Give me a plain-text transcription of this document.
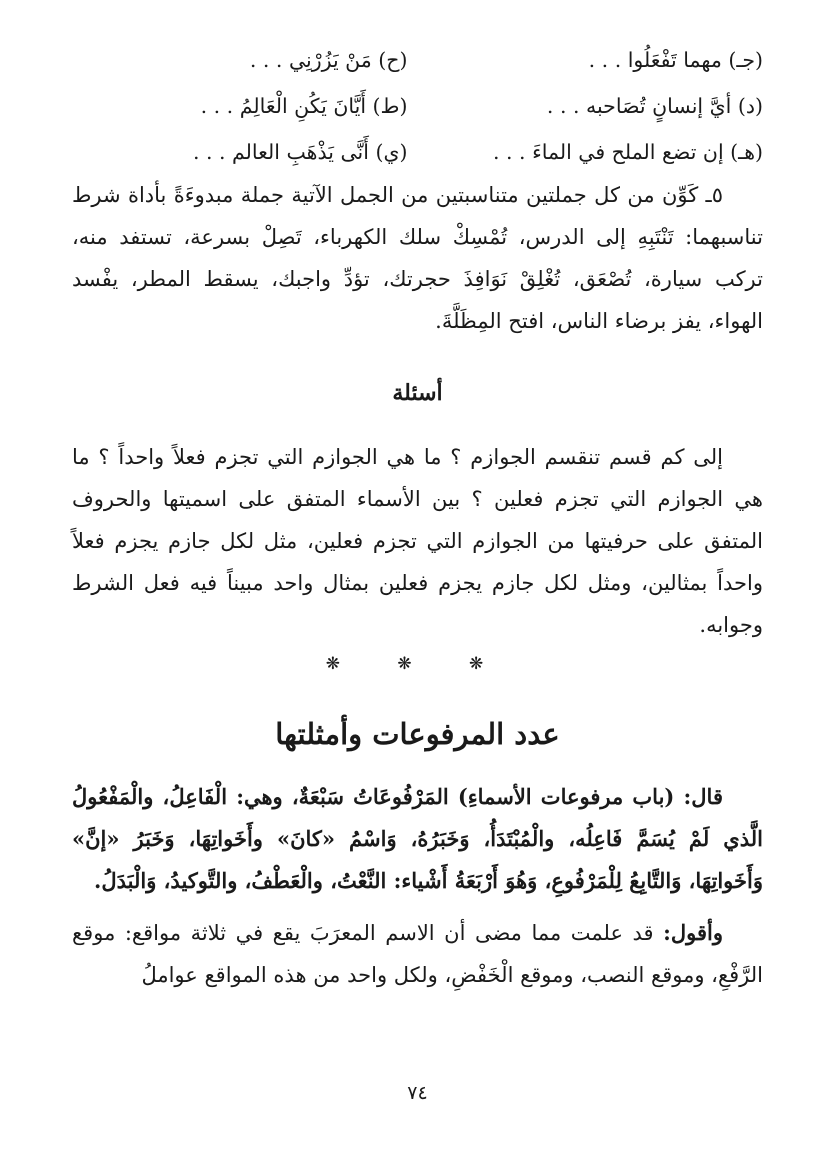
(جـ) مهما تَفْعَلُوا . . .
(ح) مَنْ يَزُرْنِي . . .
(د) أيَّ إنسانٍ تُصَاحبه . . .
(ط) أَيَّانَ يَكُنِ الْعَالِمُ . . .
(هـ) إن تضع الملح في الماءَ . . .
(ي) أَنَّى يَذْهَبِ العالم . . .

٥ـ كَوِّن من كل جملتين متناسبتين من الجمل الآتية جملة مبدوءَةً بأداة شرط تناسبهما: تَنْتَبِهِ إلى الدرس، تُمْسِكْ سلك الكهرباء، تَصِلْ بسرعة، تستفد منه، تركب سيارة، تُصْعَق، تُغْلِقْ نَوَافِذَ حجرتك، تؤدِّ واجبك، يسقط المطر، يفْسد الهواء، يفز برضاء الناس، افتح المِظَلَّةَ.

أسئلة

إلى كم قسم تنقسم الجوازم ؟ ما هي الجوازم التي تجزم فعلاً واحداً ؟ ما هي الجوازم التي تجزم فعلين ؟ بين الأسماء المتفق على اسميتها والحروف المتفق على حرفيتها من الجوازم التي تجزم فعلين، مثل لكل جازم يجزم فعلاً واحداً بمثالين، ومثل لكل جازم يجزم فعلين بمثال واحد مبيناً فيه فعل الشرط وجوابه.

❋ ❋ ❋
عدد المرفوعات وأمثلتها

قال: (باب مرفوعات الأسماءِ) المَرْفُوعَاتُ سَبْعَةٌ، وهي: الْفَاعِلُ، والْمَفْعُولُ الَّذي لَمْ يُسَمَّ فَاعِلُه، والْمُبْتَدَأُ، وَخَبَرُهُ، وَاسْمُ «كانَ» وأَخَواتِهَا، وَخَبَرُ «إنَّ» وَأَخَواتِهَا، وَالتَّابِعُ لِلْمَرْفُوعِ، وَهُوَ أَرْبَعَةُ أَشْياء: النَّعْتُ، والْعَطْفُ، والتَّوكيدُ، وَالْبَدَلُ.

وأقول: قد علمت مما مضى أن الاسم المعرَبَ يقع في ثلاثة مواقع: موقع الرَّفْعِ، وموقع النصب، وموقع الْخَفْضِ، ولكل واحد من هذه المواقع عواملُ

٧٤
